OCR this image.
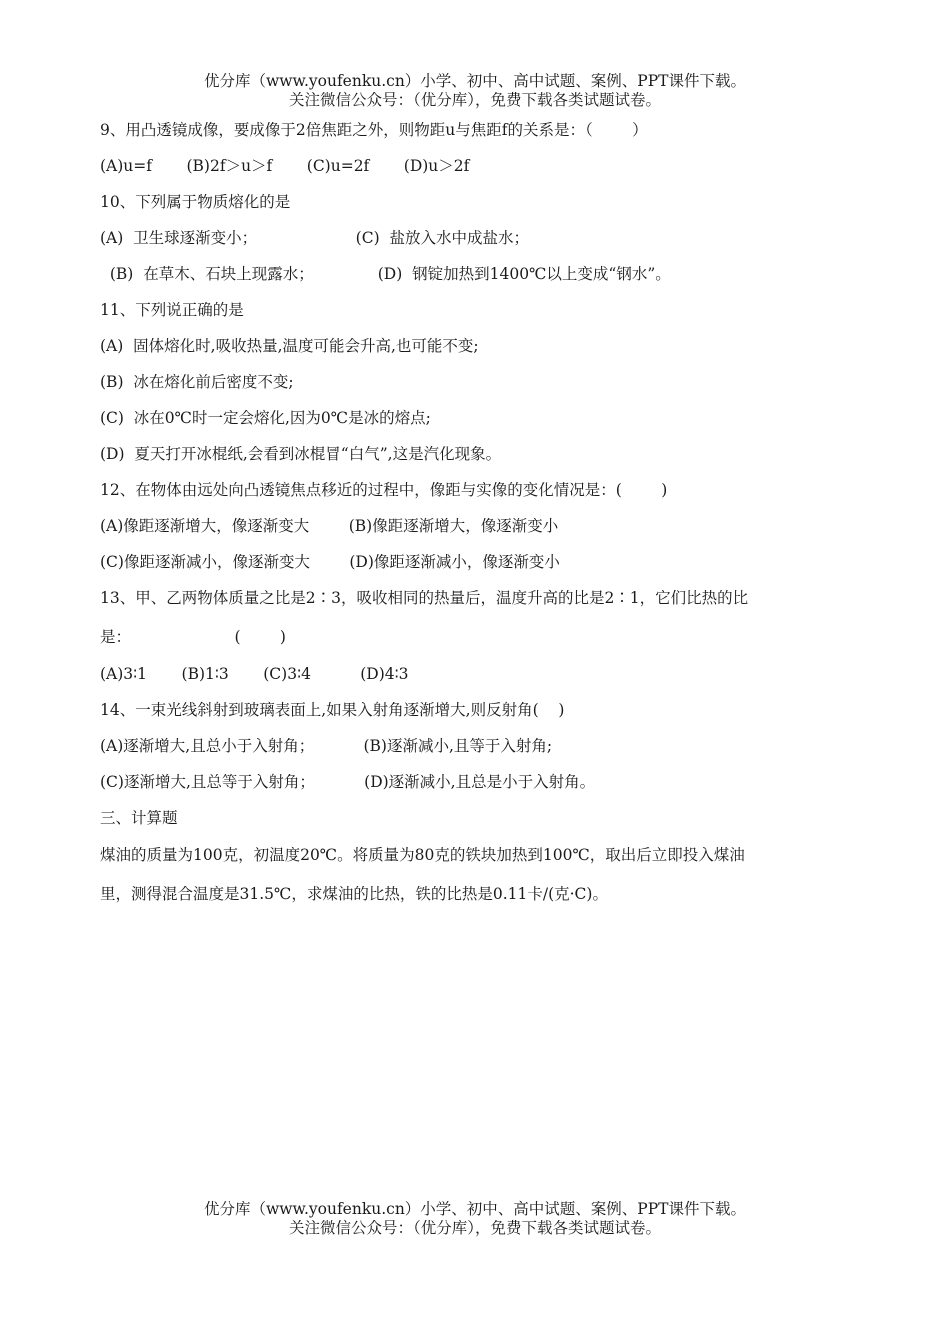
优分库（www.youfenku.cn）小学、初中、高中试题、案例、PPT课件下载。
关注微信公众号：（优分库），免费下载各类试题试卷。
9、用凸透镜成像，要成像于2倍焦距之外，则物距u与焦距f的关系是：（        ）
(A)u=f       (B)2f＞u＞f       (C)u=2f       (D)u＞2f
10、下列属于物质熔化的是
(A)  卫生球逐渐变小；                    (C)  盐放入水中成盐水；
(B)  在草木、石块上现露水；             (D)  钢锭加热到1400℃以上变成“钢水”。
11、下列说正确的是
(A)  固体熔化时,吸收热量,温度可能会升高,也可能不变;
(B)  冰在熔化前后密度不变;
(C)  冰在0℃时一定会熔化,因为0℃是冰的熔点;
(D)  夏天打开冰棍纸,会看到冰棍冒“白气”,这是汽化现象。
12、在物体由远处向凸透镜焦点移近的过程中，像距与实像的变化情况是：(        )
(A)像距逐渐增大，像逐渐变大        (B)像距逐渐增大，像逐渐变小
(C)像距逐渐减小，像逐渐变大        (D)像距逐渐减小，像逐渐变小
13、甲、乙两物体质量之比是2∶3，吸收相同的热量后，温度升高的比是2∶1，它们比热的比
是：                     (        )
(A)3∶1       (B)1∶3       (C)3∶4          (D)4∶3
14、一束光线斜射到玻璃表面上,如果入射角逐渐增大,则反射角(    )
(A)逐渐增大,且总小于入射角；          (B)逐渐减小,且等于入射角;
(C)逐渐增大,且总等于入射角；          (D)逐渐减小,且总是小于入射角。
三、计算题
煤油的质量为100克，初温度20℃。将质量为80克的铁块加热到100℃，取出后立即投入煤油
里，测得混合温度是31.5℃，求煤油的比热，铁的比热是0.11卡/(克·C)。
优分库（www.youfenku.cn）小学、初中、高中试题、案例、PPT课件下载。
关注微信公众号：（优分库），免费下载各类试题试卷。
